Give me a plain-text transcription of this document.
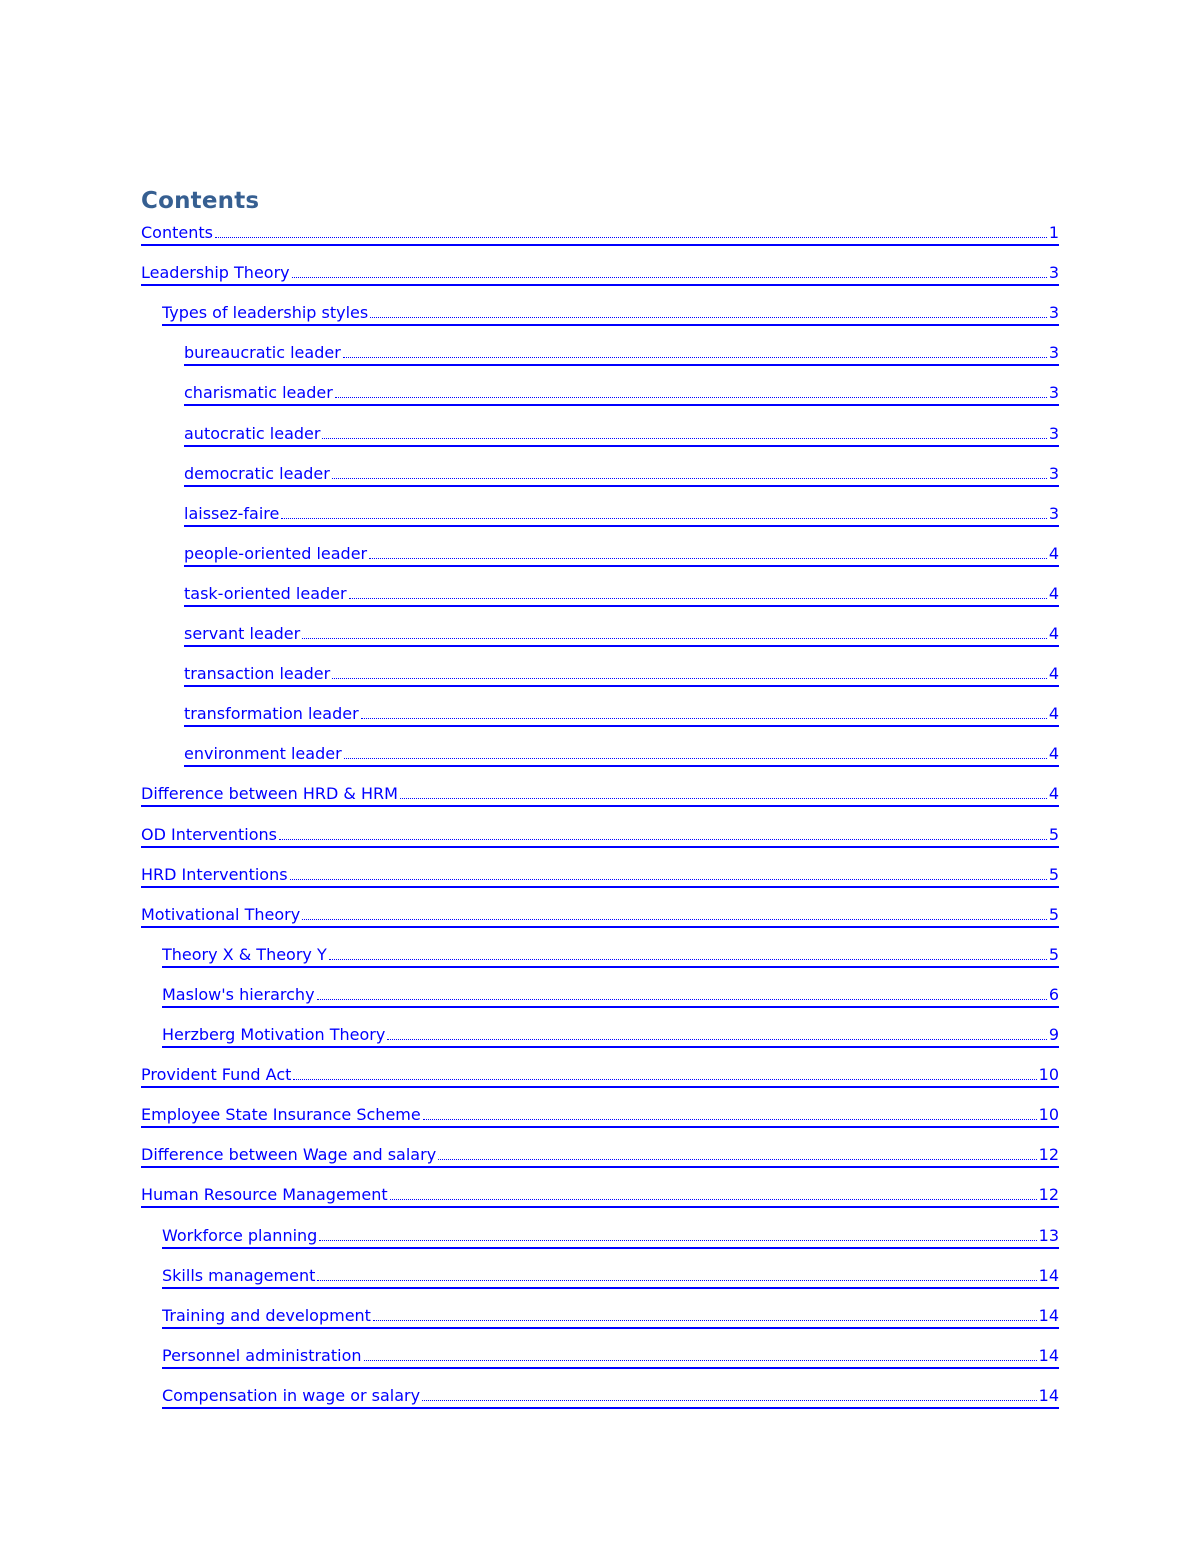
Contents
Contents	1
Leadership Theory	3
Types of leadership styles	3
bureaucratic leader	3
charismatic leader	3
autocratic leader	3
democratic leader	3
laissez-faire	3
people-oriented leader	4
task-oriented leader	4
servant leader	4
transaction leader	4
transformation leader	4
environment leader	4
Difference between HRD & HRM	4
OD Interventions	5
HRD Interventions	5
Motivational Theory	5
Theory X & Theory Y	5
Maslow's hierarchy	6
Herzberg Motivation Theory	9
Provident Fund Act	10
Employee State Insurance Scheme	10
Difference between Wage and salary	12
Human Resource Management	12
Workforce planning	13
Skills management	14
Training and development	14
Personnel administration	14
Compensation in wage or salary	14
